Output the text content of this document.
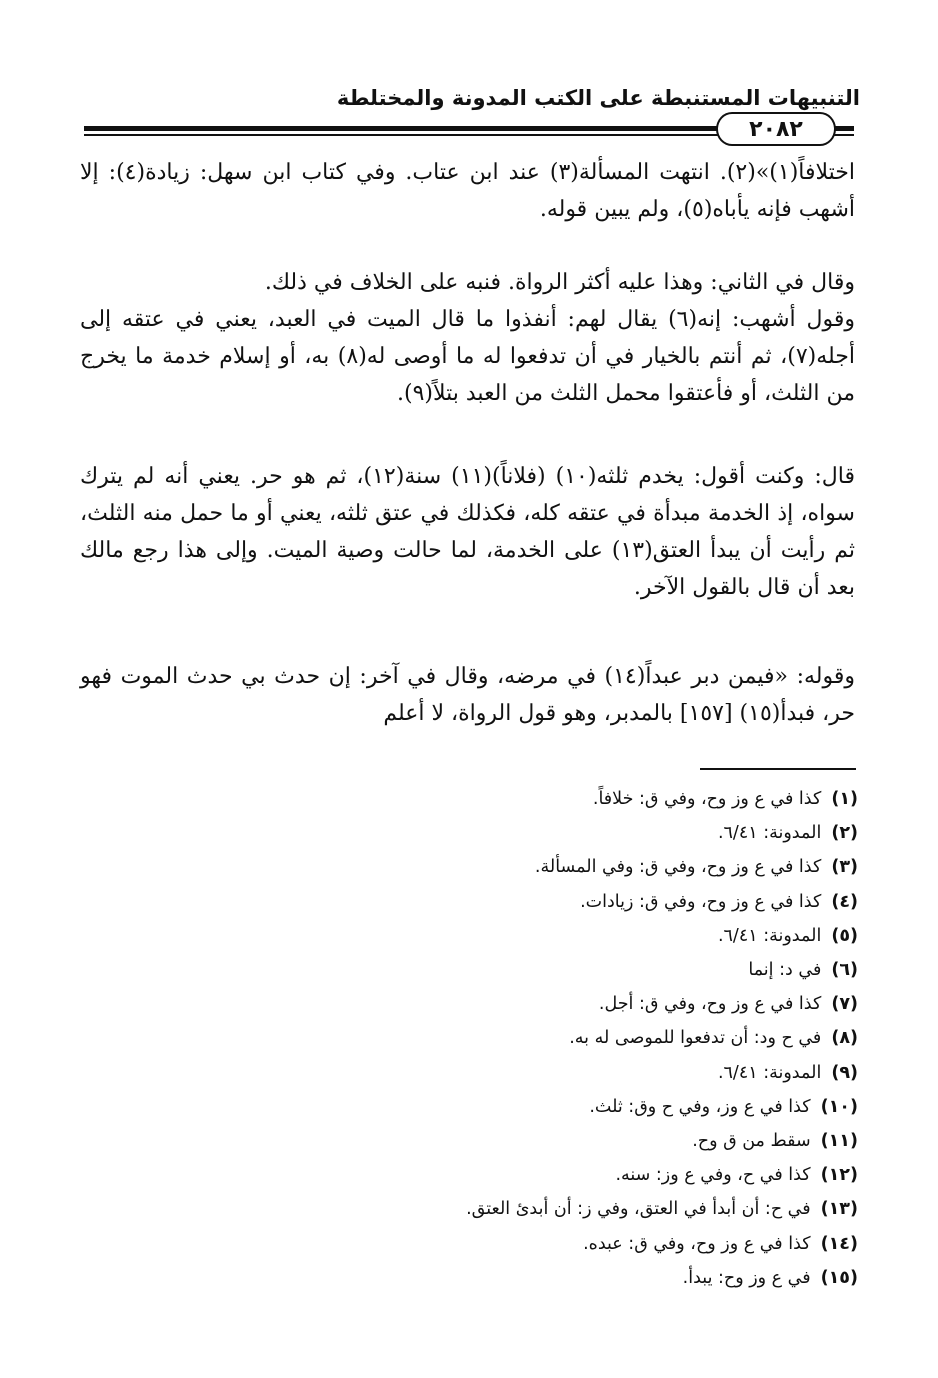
التنبيهات المستنبطة على الكتب المدونة والمختلطة
٢٠٨٢

اختلافاً(١)»(٢). انتهت المسألة(٣) عند ابن عتاب. وفي كتاب ابن سهل: زيادة(٤): إلا أشهب فإنه يأباه(٥)، ولم يبين قوله.

وقال في الثاني: وهذا عليه أكثر الرواة. فنبه على الخلاف في ذلك.

وقول أشهب: إنه(٦) يقال لهم: أنفذوا ما قال الميت في العبد، يعني في عتقه إلى أجله(٧)، ثم أنتم بالخيار في أن تدفعوا له ما أوصى له(٨) به، أو إسلام خدمة ما يخرج من الثلث، أو فأعتقوا محمل الثلث من العبد بتلاً(٩).

قال: وكنت أقول: يخدم ثلثه(١٠) (فلاناً)(١١) سنة(١٢)، ثم هو حر. يعني أنه لم يترك سواه، إذ الخدمة مبدأة في عتقه كله، فكذلك في عتق ثلثه، يعني أو ما حمل منه الثلث، ثم رأيت أن يبدأ العتق(١٣) على الخدمة، لما حالت وصية الميت. وإلى هذا رجع مالك بعد أن قال بالقول الآخر.

وقوله: «فيمن دبر عبداً(١٤) في مرضه، وقال في آخر: إن حدث بي حدث الموت فهو حر، فبدأ(١٥) [١٥٧] بالمدبر، وهو قول الرواة، لا أعلم

(١)كذا في ع وز وح، وفي ق: خلافاً.
(٢)المدونة: ٦/٤١.
(٣)كذا في ع وز وح، وفي ق: وفي المسألة.
(٤)كذا في ع وز وح، وفي ق: زيادات.
(٥)المدونة: ٦/٤١.
(٦)في د: إنما
(٧)كذا في ع وز وح، وفي ق: أجل.
(٨)في ح ود: أن تدفعوا للموصى له به.
(٩)المدونة: ٦/٤١.
(١٠)كذا في ع وز، وفي ح وق: ثلث.
(١١)سقط من ق وح.
(١٢)كذا في ح، وفي ع وز: سنه.
(١٣)في ح: أن أبدأ في العتق، وفي ز: أن أبدئ العتق.
(١٤)كذا في ع وز وح، وفي ق: عبده.
(١٥)في ع وز وح: يبدأ.
